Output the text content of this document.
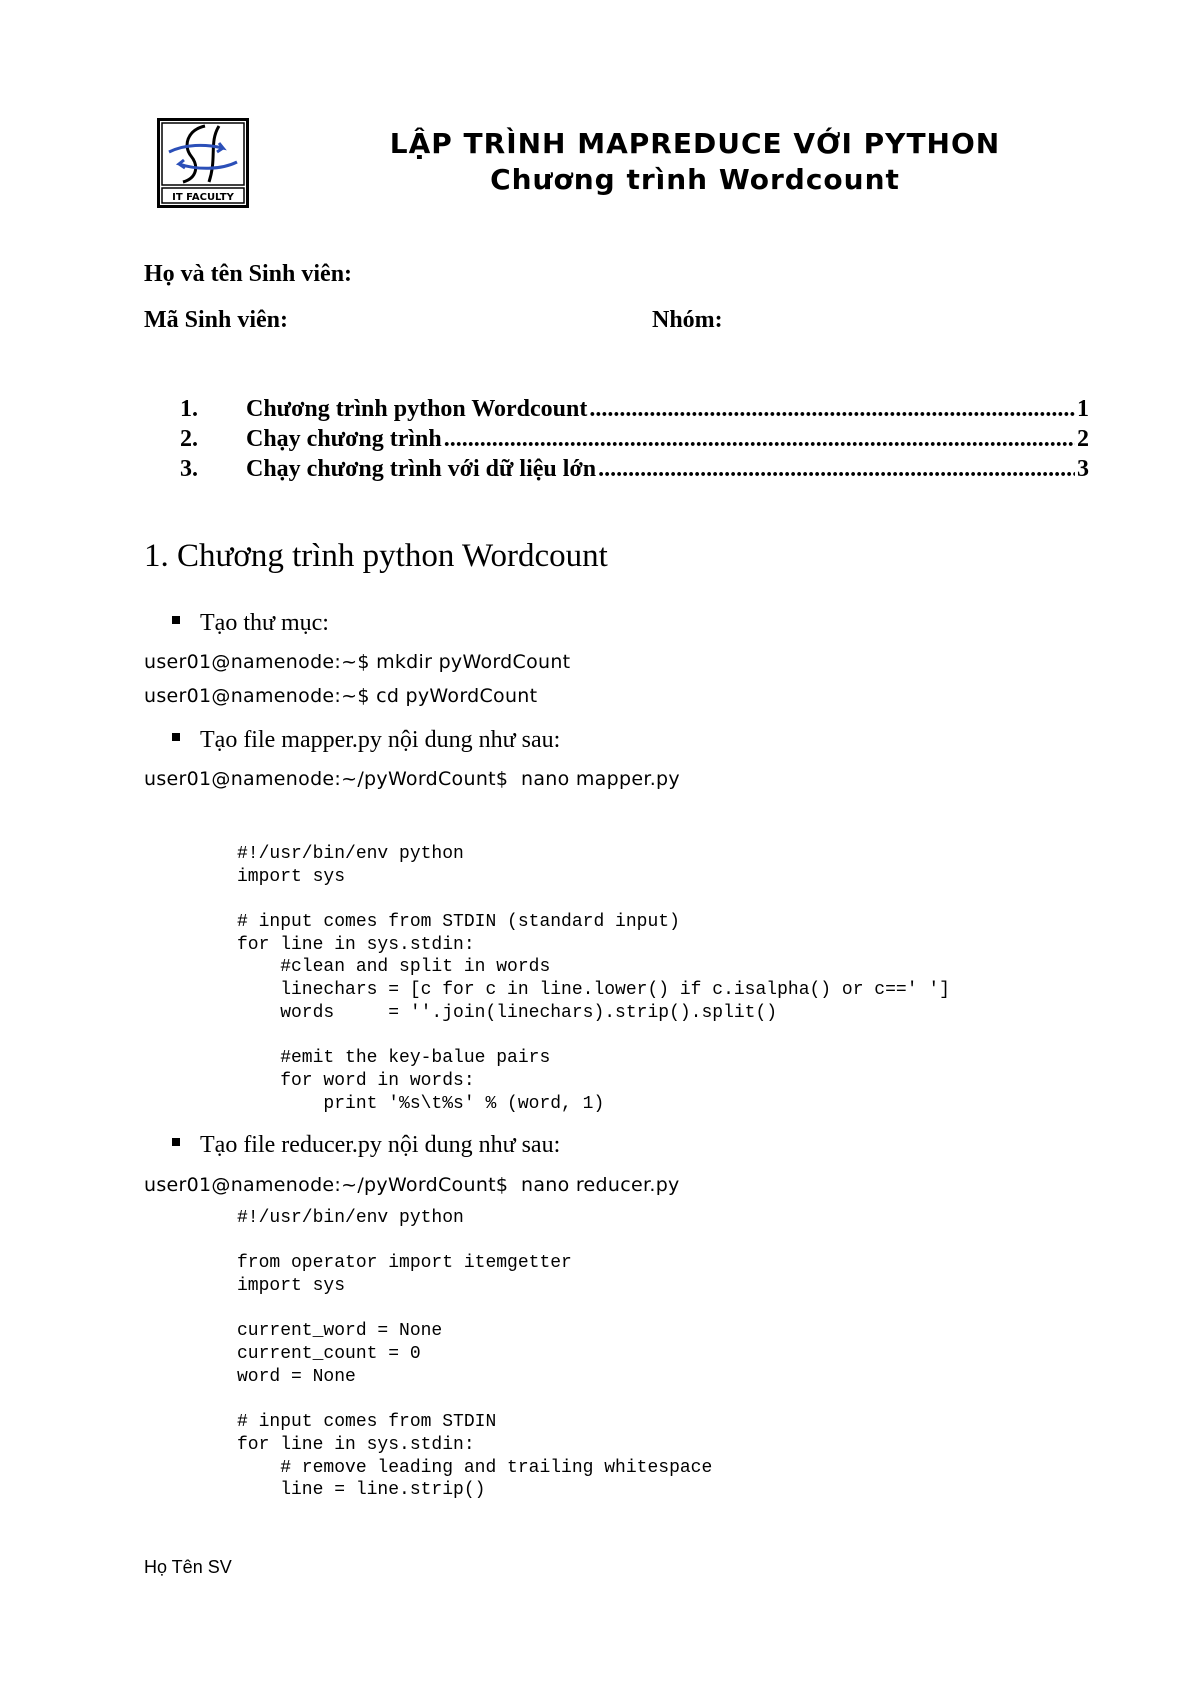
IT FACULTY
LẬP TRÌNH MAPREDUCE VỚI PYTHON
Chương trình Wordcount
Họ và tên Sinh viên:
Mã Sinh viên:	Nhóm:
1.	Chương trình python Wordcount .....	1
2.	Chạy chương trình .....	2
3.	Chạy chương trình với dữ liệu lớn .....	3
1. Chương trình python Wordcount
Tạo thư mục:
user01@namenode:~$ mkdir pyWordCount
user01@namenode:~$ cd pyWordCount
Tạo file mapper.py nội dung như sau:
user01@namenode:~/pyWordCount$  nano mapper.py
#!/usr/bin/env python
import sys
# input comes from STDIN (standard input)
for line in sys.stdin:
#clean and split in words
linechars = [c for c in line.lower() if c.isalpha() or c==' ']
words     = ''.join(linechars).strip().split()
#emit the key-balue pairs
for word in words:
print '%s\t%s' % (word, 1)
Tạo file reducer.py nội dung như sau:
user01@namenode:~/pyWordCount$  nano reducer.py
#!/usr/bin/env python
from operator import itemgetter
import sys
current_word = None
current_count = 0
word = None
# input comes from STDIN
for line in sys.stdin:
# remove leading and trailing whitespace
line = line.strip()
Họ Tên SV
